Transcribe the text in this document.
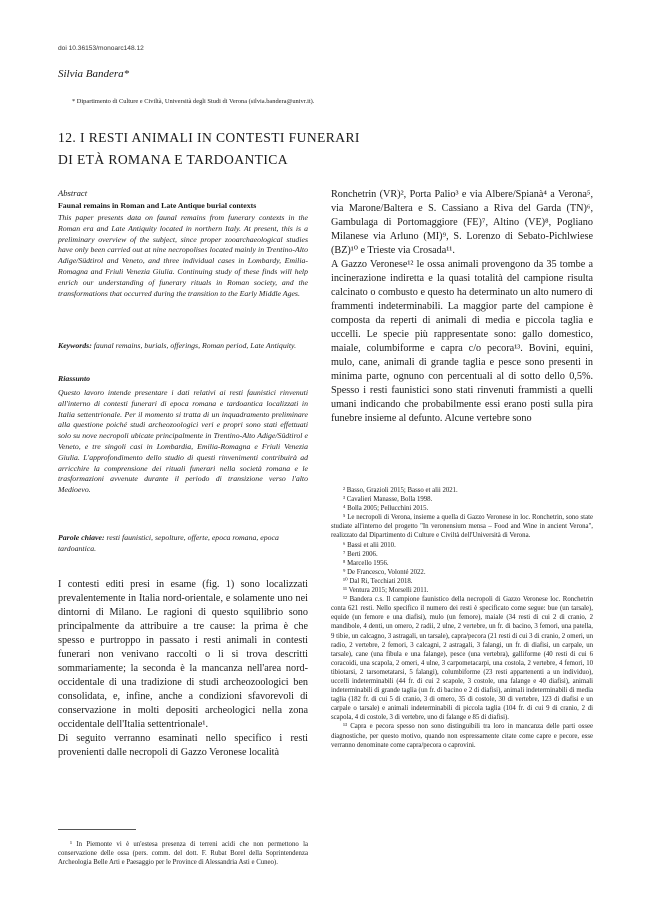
doi 10.36153/monoarc148.12
Silvia Bandera*
* Dipartimento di Culture e Civiltà, Università degli Studi di Verona (silvia.bandera@univr.it).
12. I RESTI ANIMALI IN CONTESTI FUNERARI
DI ETÀ ROMANA E TARDOANTICA
Abstract
Faunal remains in Roman and Late Antique burial contexts
This paper presents data on faunal remains from funerary contexts in the Roman era and Late Antiquity located in northern Italy. At present, this is a preliminary overview of the subject, since proper zooarchaeological studies have only been carried out at nine necropolises located mainly in Trentino-Alto Adige/Südtirol and Veneto, and three individual cases in Lombardy, Emilia-Romagna and Friuli Venezia Giulia. Continuing study of these finds will help enrich our understanding of funerary rituals in Roman society, and the transformations that occurred during the transition to the Early Middle Ages.
Keywords: faunal remains, burials, offerings, Roman period, Late Antiquity.
Riassunto
Questo lavoro intende presentare i dati relativi ai resti faunistici rinvenuti all'interno di contesti funerari di epoca romana e tardoantica localizzati in Italia settentrionale. Per il momento si tratta di un inquadramento preliminare alla questione poiché studi archeozoologici veri e propri sono stati effettuati solo su nove necropoli ubicate principalmente in Trentino-Alto Adige/Südtirol e Veneto, e tre singoli casi in Lombardia, Emilia-Romagna e Friuli Venezia Giulia. L'approfondimento dello studio di questi rinvenimenti contribuirà ad arricchire la comprensione dei rituali funerari nella società romana e le trasformazioni avvenute durante il periodo di transizione verso l'alto Medioevo.
Parole chiave: resti faunistici, sepolture, offerte, epoca romana, epoca tardoantica.

I contesti editi presi in esame (fig. 1) sono localizzati prevalentemente in Italia nord-orientale, e solamente uno nei dintorni di Milano. Le ragioni di questo squilibrio sono principalmente da attribuire a tre cause: la prima è che spesso e purtroppo in passato i resti animali in contesti funerari non venivano raccolti o li si trova descritti sommariamente; la seconda è la mancanza nell'area nord-occidentale di una tradizione di studi archeozoologici ben consolidata, e, infine, anche a condizioni sfavorevoli di conservazione in molti depositi archeologici nella zona occidentale dell'Italia settentrionale¹.

Di seguito verranno esaminati nello specifico i resti provenienti dalle necropoli di Gazzo Veronese località

¹ In Piemonte vi è un'estesa presenza di terreni acidi che non permettono la conservazione delle ossa (pers. comm. del dott. F. Rubat Borel della Soprintendenza Archeologia Belle Arti e Paesaggio per le Province di Alessandria Asti e Cuneo).

Ronchetrin (VR)², Porta Palio³ e via Albere/Spianà⁴ a Verona⁵, via Marone/Baltera e S. Cassiano a Riva del Garda (TN)⁶, Gambulaga di Portomaggiore (FE)⁷, Altino (VE)⁸, Pogliano Milanese via Arluno (MI)⁹, S. Lorenzo di Sebato-Pichlwiese (BZ)¹⁰ e Trieste via Crosada¹¹.

A Gazzo Veronese¹² le ossa animali provengono da 35 tombe a incinerazione indiretta e la quasi totalità del campione risulta calcinato o combusto e questo ha determinato un alto numero di frammenti indeterminabili. La maggior parte del campione è composta da reperti di animali di media e piccola taglia e uccelli. Le specie più rappresentate sono: gallo domestico, maiale, columbiforme e capra c/o pecora¹³. Bovini, equini, mulo, cane, animali di grande taglia e pesce sono presenti in minima parte, ognuno con percentuali al di sotto dello 0,5%. Spesso i resti faunistici sono stati rinvenuti frammisti a quelli umani indicando che probabilmente essi erano posti sulla pira funebre insieme al defunto. Alcune vertebre sono

² Basso, Grazioli 2015; Basso et alii 2021.
³ Cavalieri Manasse, Bolla 1998.
⁴ Bolla 2005; Pellucchini 2015.
⁵ Le necropoli di Verona, insieme a quella di Gazzo Veronese in loc. Ronchetrin, sono state studiate all'interno del progetto "In veronensium mensa – Food and Wine in ancient Verona", realizzato dal Dipartimento di Culture e Civiltà dell'Università di Verona.
⁶ Bassi et alii 2010.
⁷ Berti 2006.
⁸ Marcello 1956.
⁹ De Francesco, Volonté 2022.
¹⁰ Dal Ri, Tecchiati 2018.
¹¹ Ventura 2015; Morselli 2011.
¹² Bandera c.s. Il campione faunistico della necropoli di Gazzo Veronese loc. Ronchetrin conta 621 resti. Nello specifico il numero dei resti è specificato come segue: bue (un tarsale), equide (un femore e una diafisi), mulo (un femore), maiale (34 resti di cui 2 di cranio, 2 mandibole, 4 denti, un omero, 2 radii, 2 ulne, 2 vertebre, un fr. di bacino, 3 femori, una patella, 9 tibie, un calcagno, 3 astragali, un tarsale), capra/pecora (21 resti di cui 3 di cranio, 2 omeri, un radio, 2 vertebre, 2 femori, 3 calcagni, 2 astragali, 3 falangi, un fr. di diafisi, un carpale, un tarsale), cane (una fibula e una falange), pesce (una vertebra), galliforme (40 resti di cui 6 coracoidi, una scapola, 2 omeri, 4 ulne, 3 carpometacarpi, una costola, 2 vertebre, 4 femori, 10 tibiotarsi, 2 tarsometatarsi, 5 falangi), columbiforme (23 resti appartenenti a un individuo), uccelli indeterminabili (44 fr. di cui 2 scapole, 3 costole, una falange e 40 diafisi), animali indeterminabili di grande taglia (un fr. di bacino e 2 di diafisi), animali indeterminabili di media taglia (182 fr. di cui 5 di cranio, 3 di omero, 35 di costole, 30 di vertebre, 123 di diafisi e un carpale o tarsale) e animali indeterminabili di piccola taglia (104 fr. di cui 9 di cranio, 2 di scapola, 4 di costole, 3 di vertebre, uno di falange e 85 di diafisi).
¹³ Capra e pecora spesso non sono distinguibili tra loro in mancanza delle parti ossee diagnostiche, per questo motivo, quando non espressamente citate come capre e pecore, esse verranno denominate come capra/pecora o caprovini.
